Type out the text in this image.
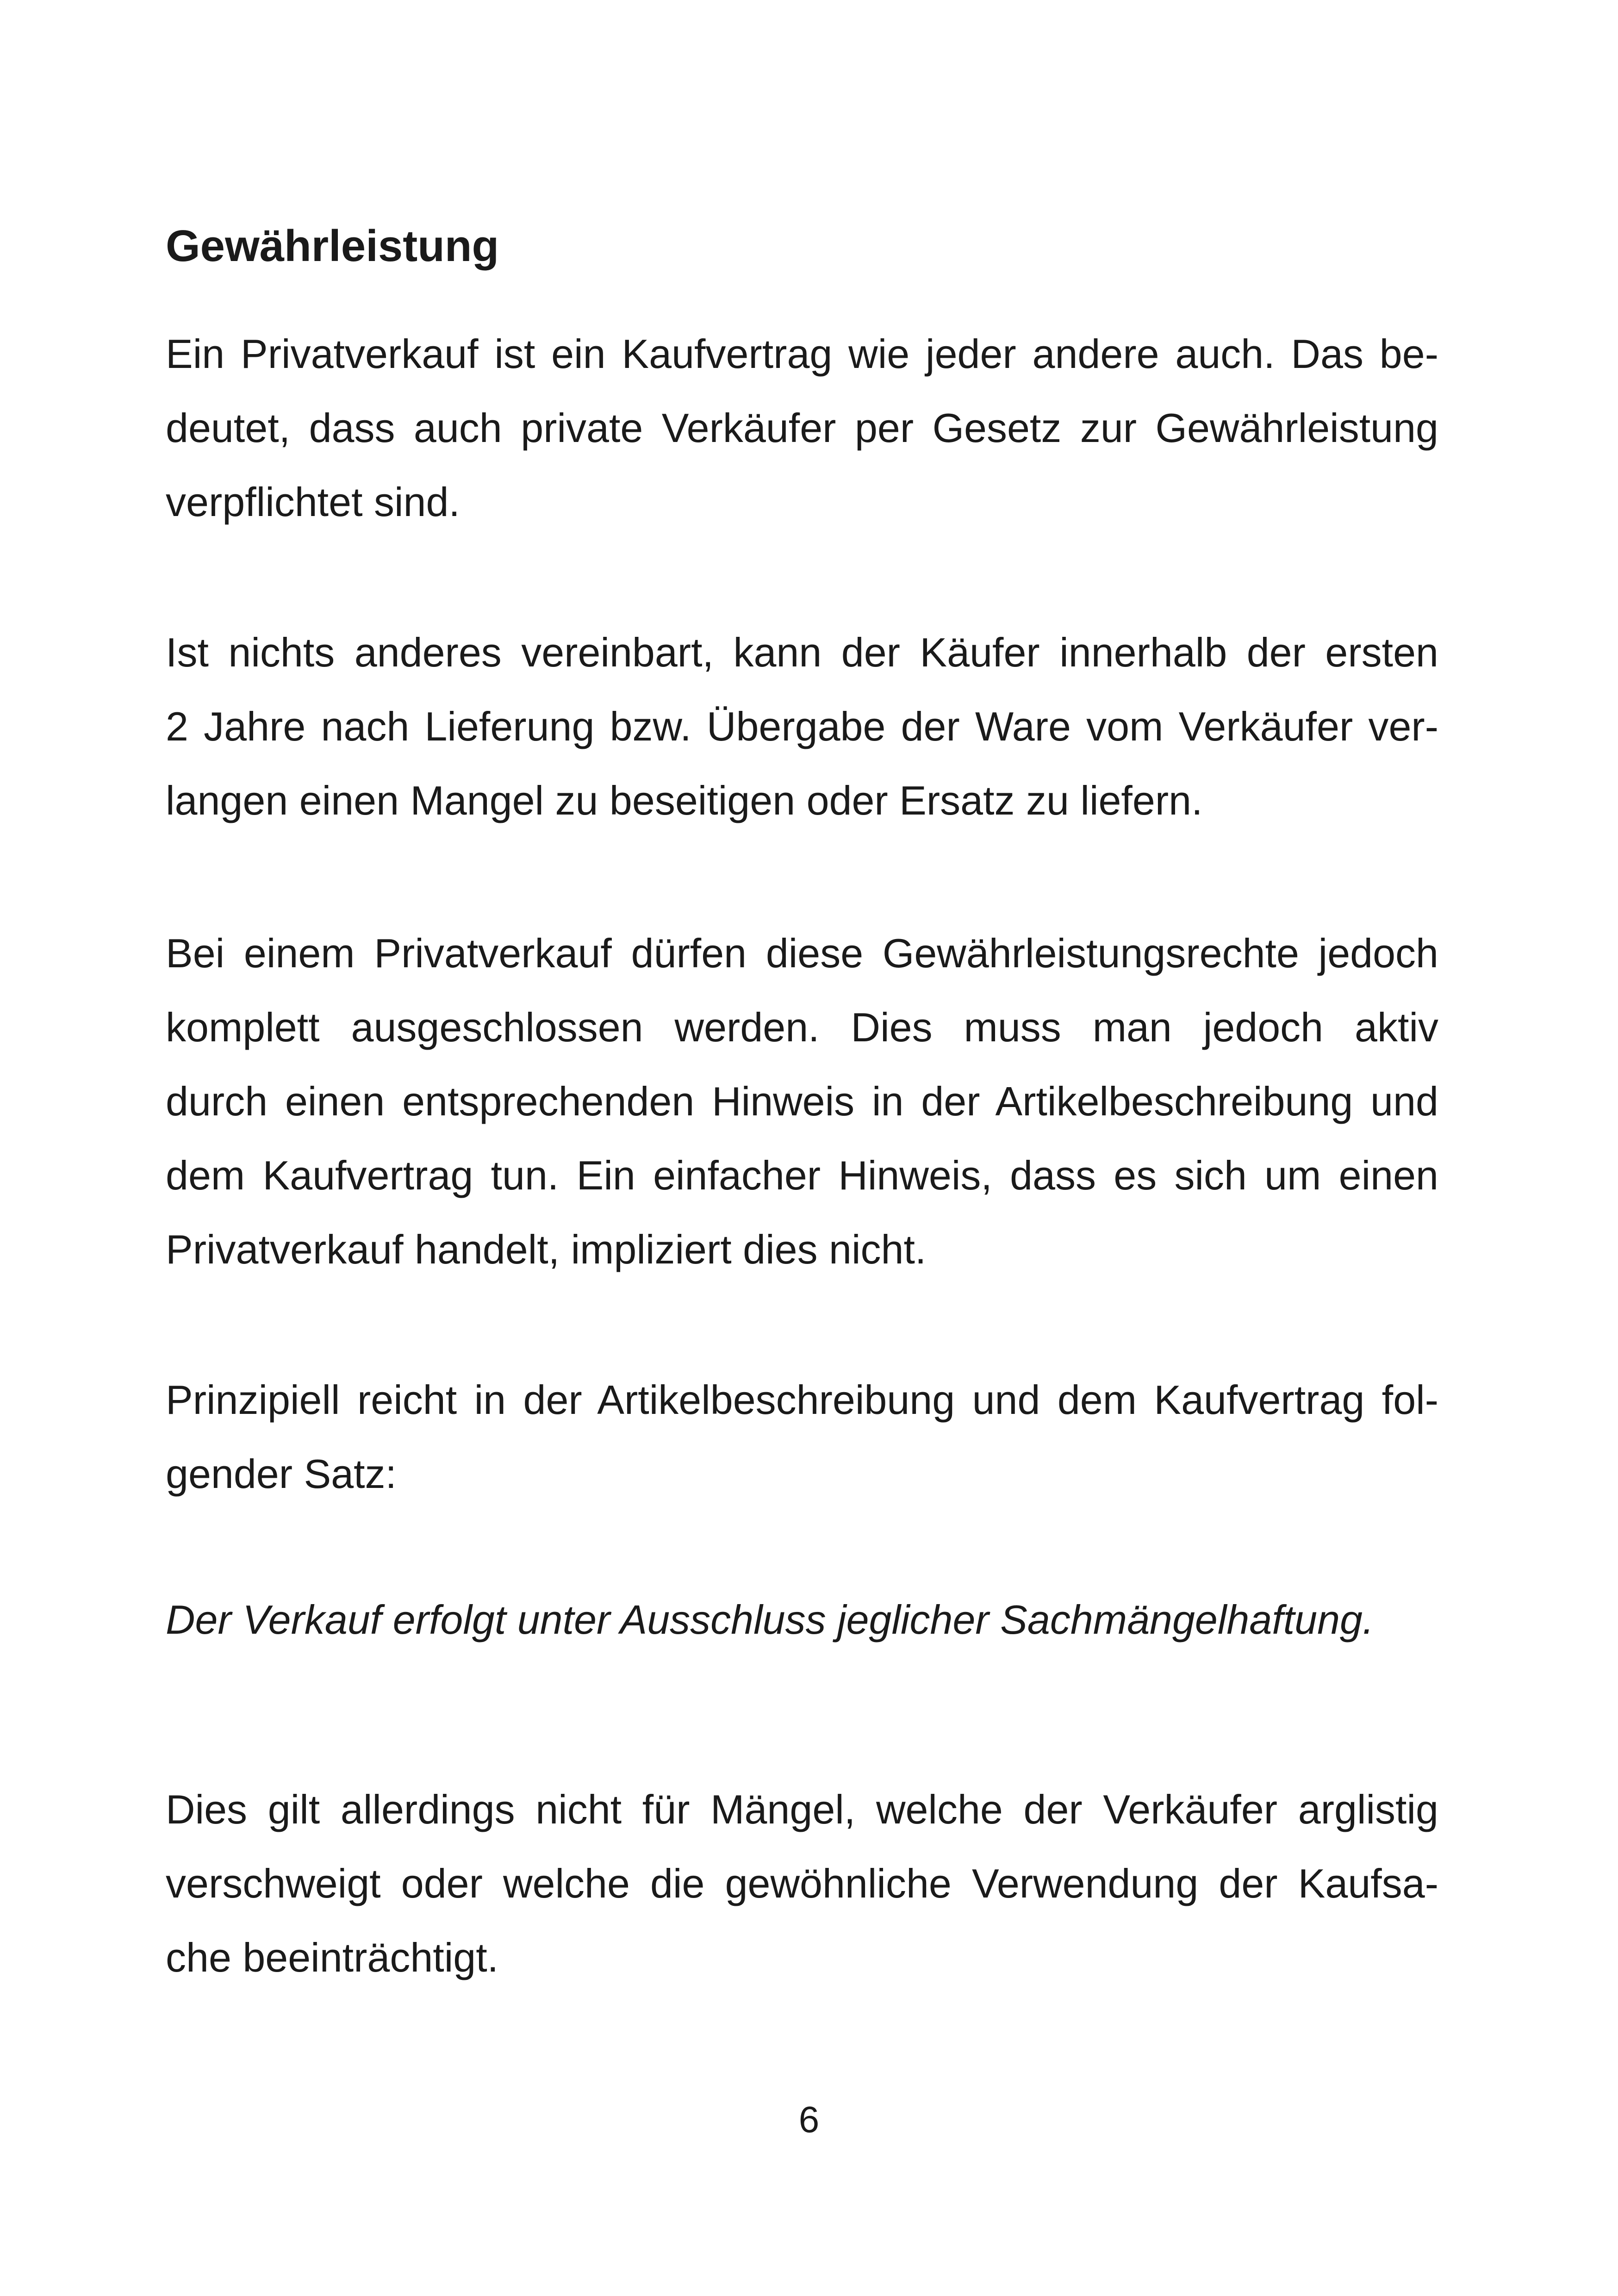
Gewährleistung

Ein Privatverkauf ist ein Kaufvertrag wie jeder andere auch. Das be-
deutet, dass auch private Verkäufer per Gesetz zur Gewährleistung
verpflichtet sind.

Ist nichts anderes vereinbart, kann der Käufer innerhalb der ersten
2 Jahre nach Lieferung bzw. Übergabe der Ware vom Verkäufer ver-
langen einen Mangel zu beseitigen oder Ersatz zu liefern.

Bei einem Privatverkauf dürfen diese Gewährleistungsrechte jedoch
komplett ausgeschlossen werden. Dies muss man jedoch aktiv
durch einen entsprechenden Hinweis in der Artikelbeschreibung und
dem Kaufvertrag tun. Ein einfacher Hinweis, dass es sich um einen
Privatverkauf handelt, impliziert dies nicht.

Prinzipiell reicht in der Artikelbeschreibung und dem Kaufvertrag fol-
gender Satz:

Der Verkauf erfolgt unter Ausschluss jeglicher Sachmängelhaftung.

Dies gilt allerdings nicht für Mängel, welche der Verkäufer arglistig
verschweigt oder welche die gewöhnliche Verwendung der Kaufsa-
che beeinträchtigt.

6
